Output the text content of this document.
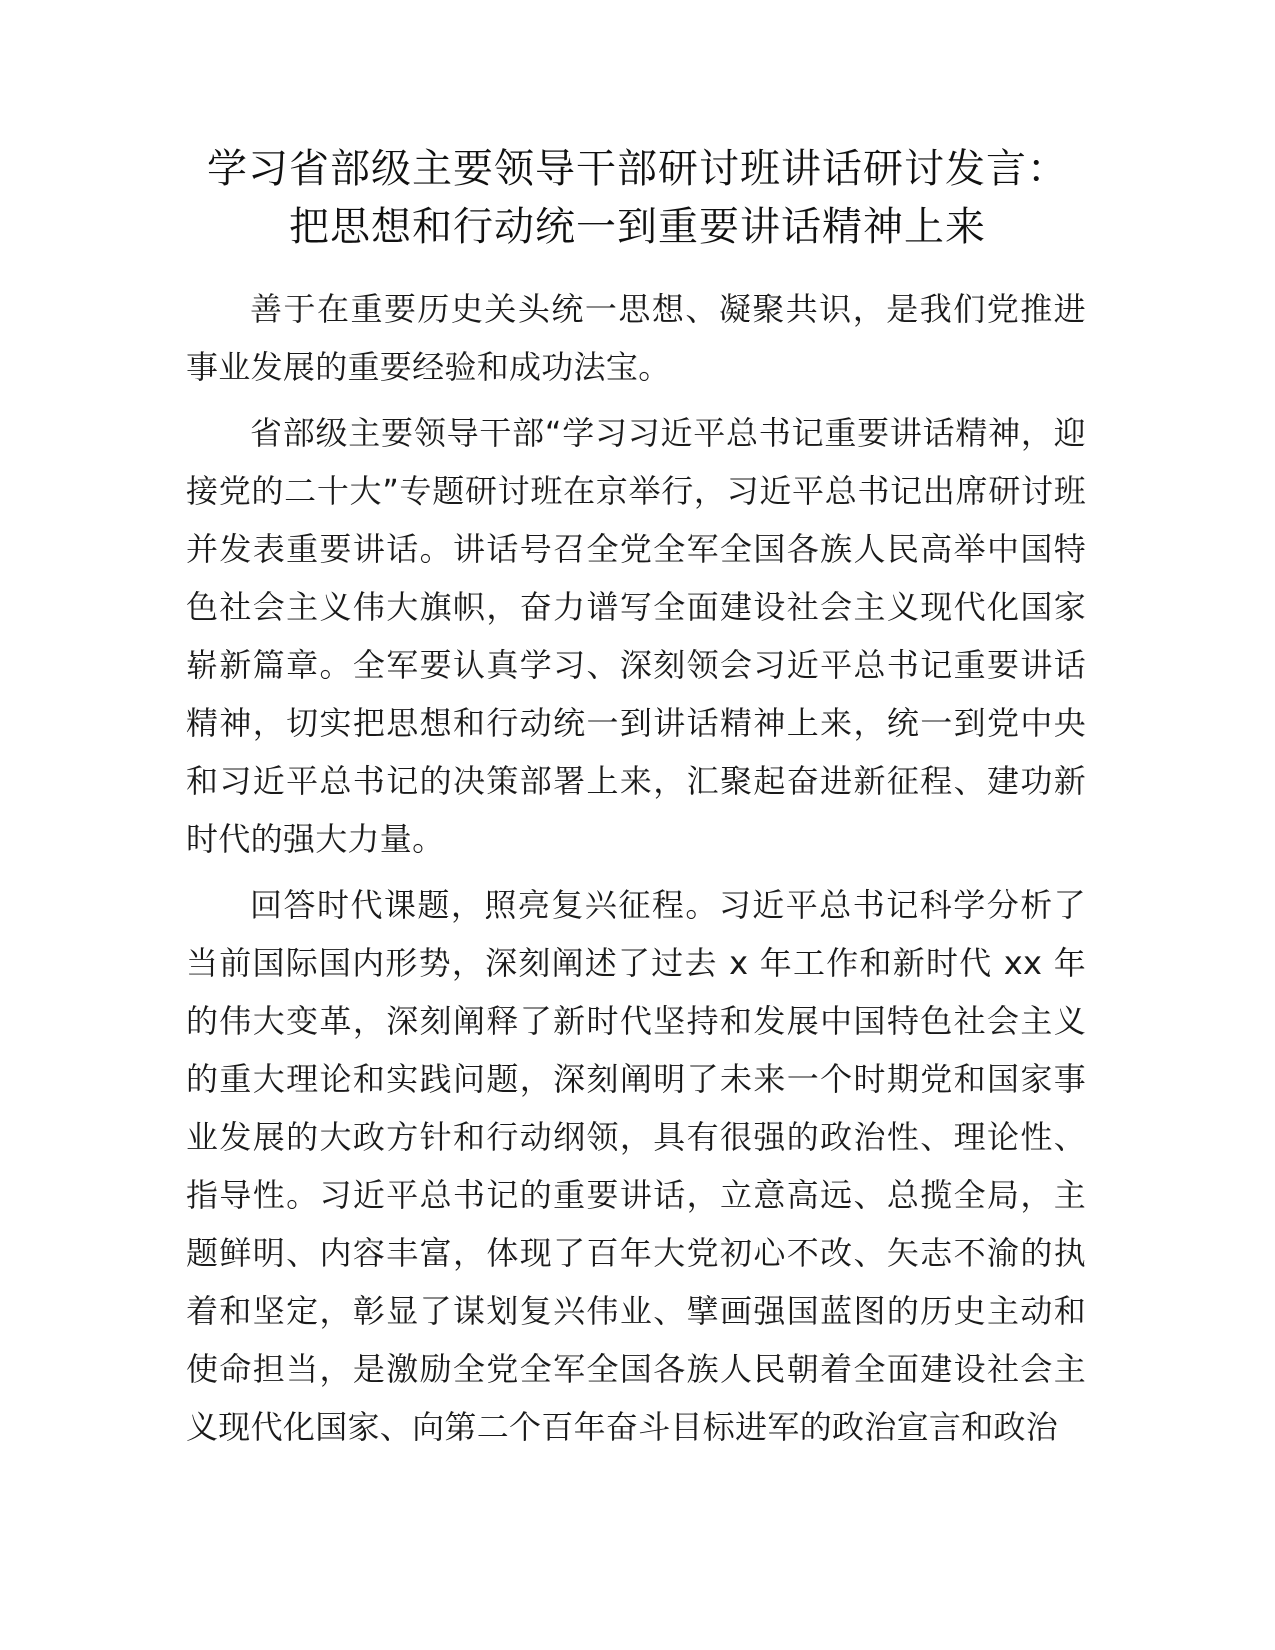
学习省部级主要领导干部研讨班讲话研讨发言：
把思想和行动统一到重要讲话精神上来

善于在重要历史关头统一思想、凝聚共识，是我们党推进事业发展的重要经验和成功法宝。

省部级主要领导干部“学习习近平总书记重要讲话精神，迎接党的二十大”专题研讨班在京举行，习近平总书记出席研讨班并发表重要讲话。讲话号召全党全军全国各族人民高举中国特色社会主义伟大旗帜，奋力谱写全面建设社会主义现代化国家崭新篇章。全军要认真学习、深刻领会习近平总书记重要讲话精神，切实把思想和行动统一到讲话精神上来，统一到党中央和习近平总书记的决策部署上来，汇聚起奋进新征程、建功新时代的强大力量。

回答时代课题，照亮复兴征程。习近平总书记科学分析了当前国际国内形势，深刻阐述了过去 x 年工作和新时代 xx 年的伟大变革，深刻阐释了新时代坚持和发展中国特色社会主义的重大理论和实践问题，深刻阐明了未来一个时期党和国家事业发展的大政方针和行动纲领，具有很强的政治性、理论性、指导性。习近平总书记的重要讲话，立意高远、总揽全局，主题鲜明、内容丰富，体现了百年大党初心不改、矢志不渝的执着和坚定，彰显了谋划复兴伟业、擘画强国蓝图的历史主动和使命担当，是激励全党全军全国各族人民朝着全面建设社会主义现代化国家、向第二个百年奋斗目标进军的政治宣言和政治
